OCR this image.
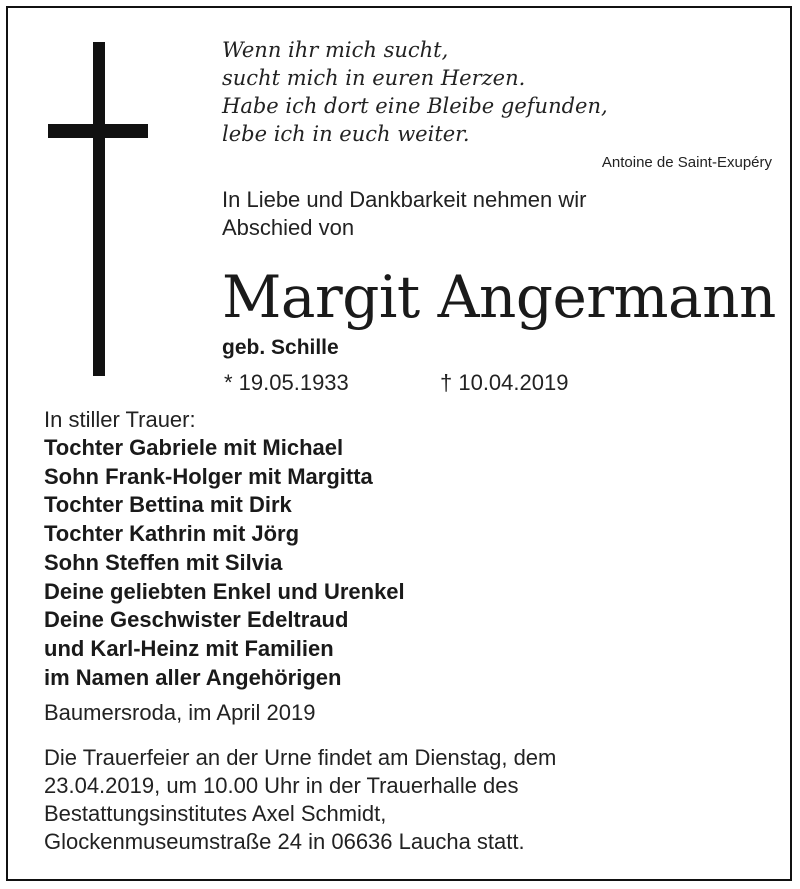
Wenn ihr mich sucht,
sucht mich in euren Herzen.
Habe ich dort eine Bleibe gefunden,
lebe ich in euch weiter.
Antoine de Saint-Exupéry
In Liebe und Dankbarkeit nehmen wir
Abschied von
Margit Angermann
geb. Schille
* 19.05.1933	† 10.04.2019
In stiller Trauer:
Tochter Gabriele mit Michael
Sohn Frank-Holger mit Margitta
Tochter Bettina mit Dirk
Tochter Kathrin mit Jörg
Sohn Steffen mit Silvia
Deine geliebten Enkel und Urenkel
Deine Geschwister Edeltraud
und Karl-Heinz mit Familien
im Namen aller Angehörigen
Baumersroda, im April 2019
Die Trauerfeier an der Urne findet am Dienstag, dem
23.04.2019, um 10.00 Uhr in der Trauerhalle des
Bestattungsinstitutes Axel Schmidt,
Glockenmuseumstraße 24 in 06636 Laucha statt.
